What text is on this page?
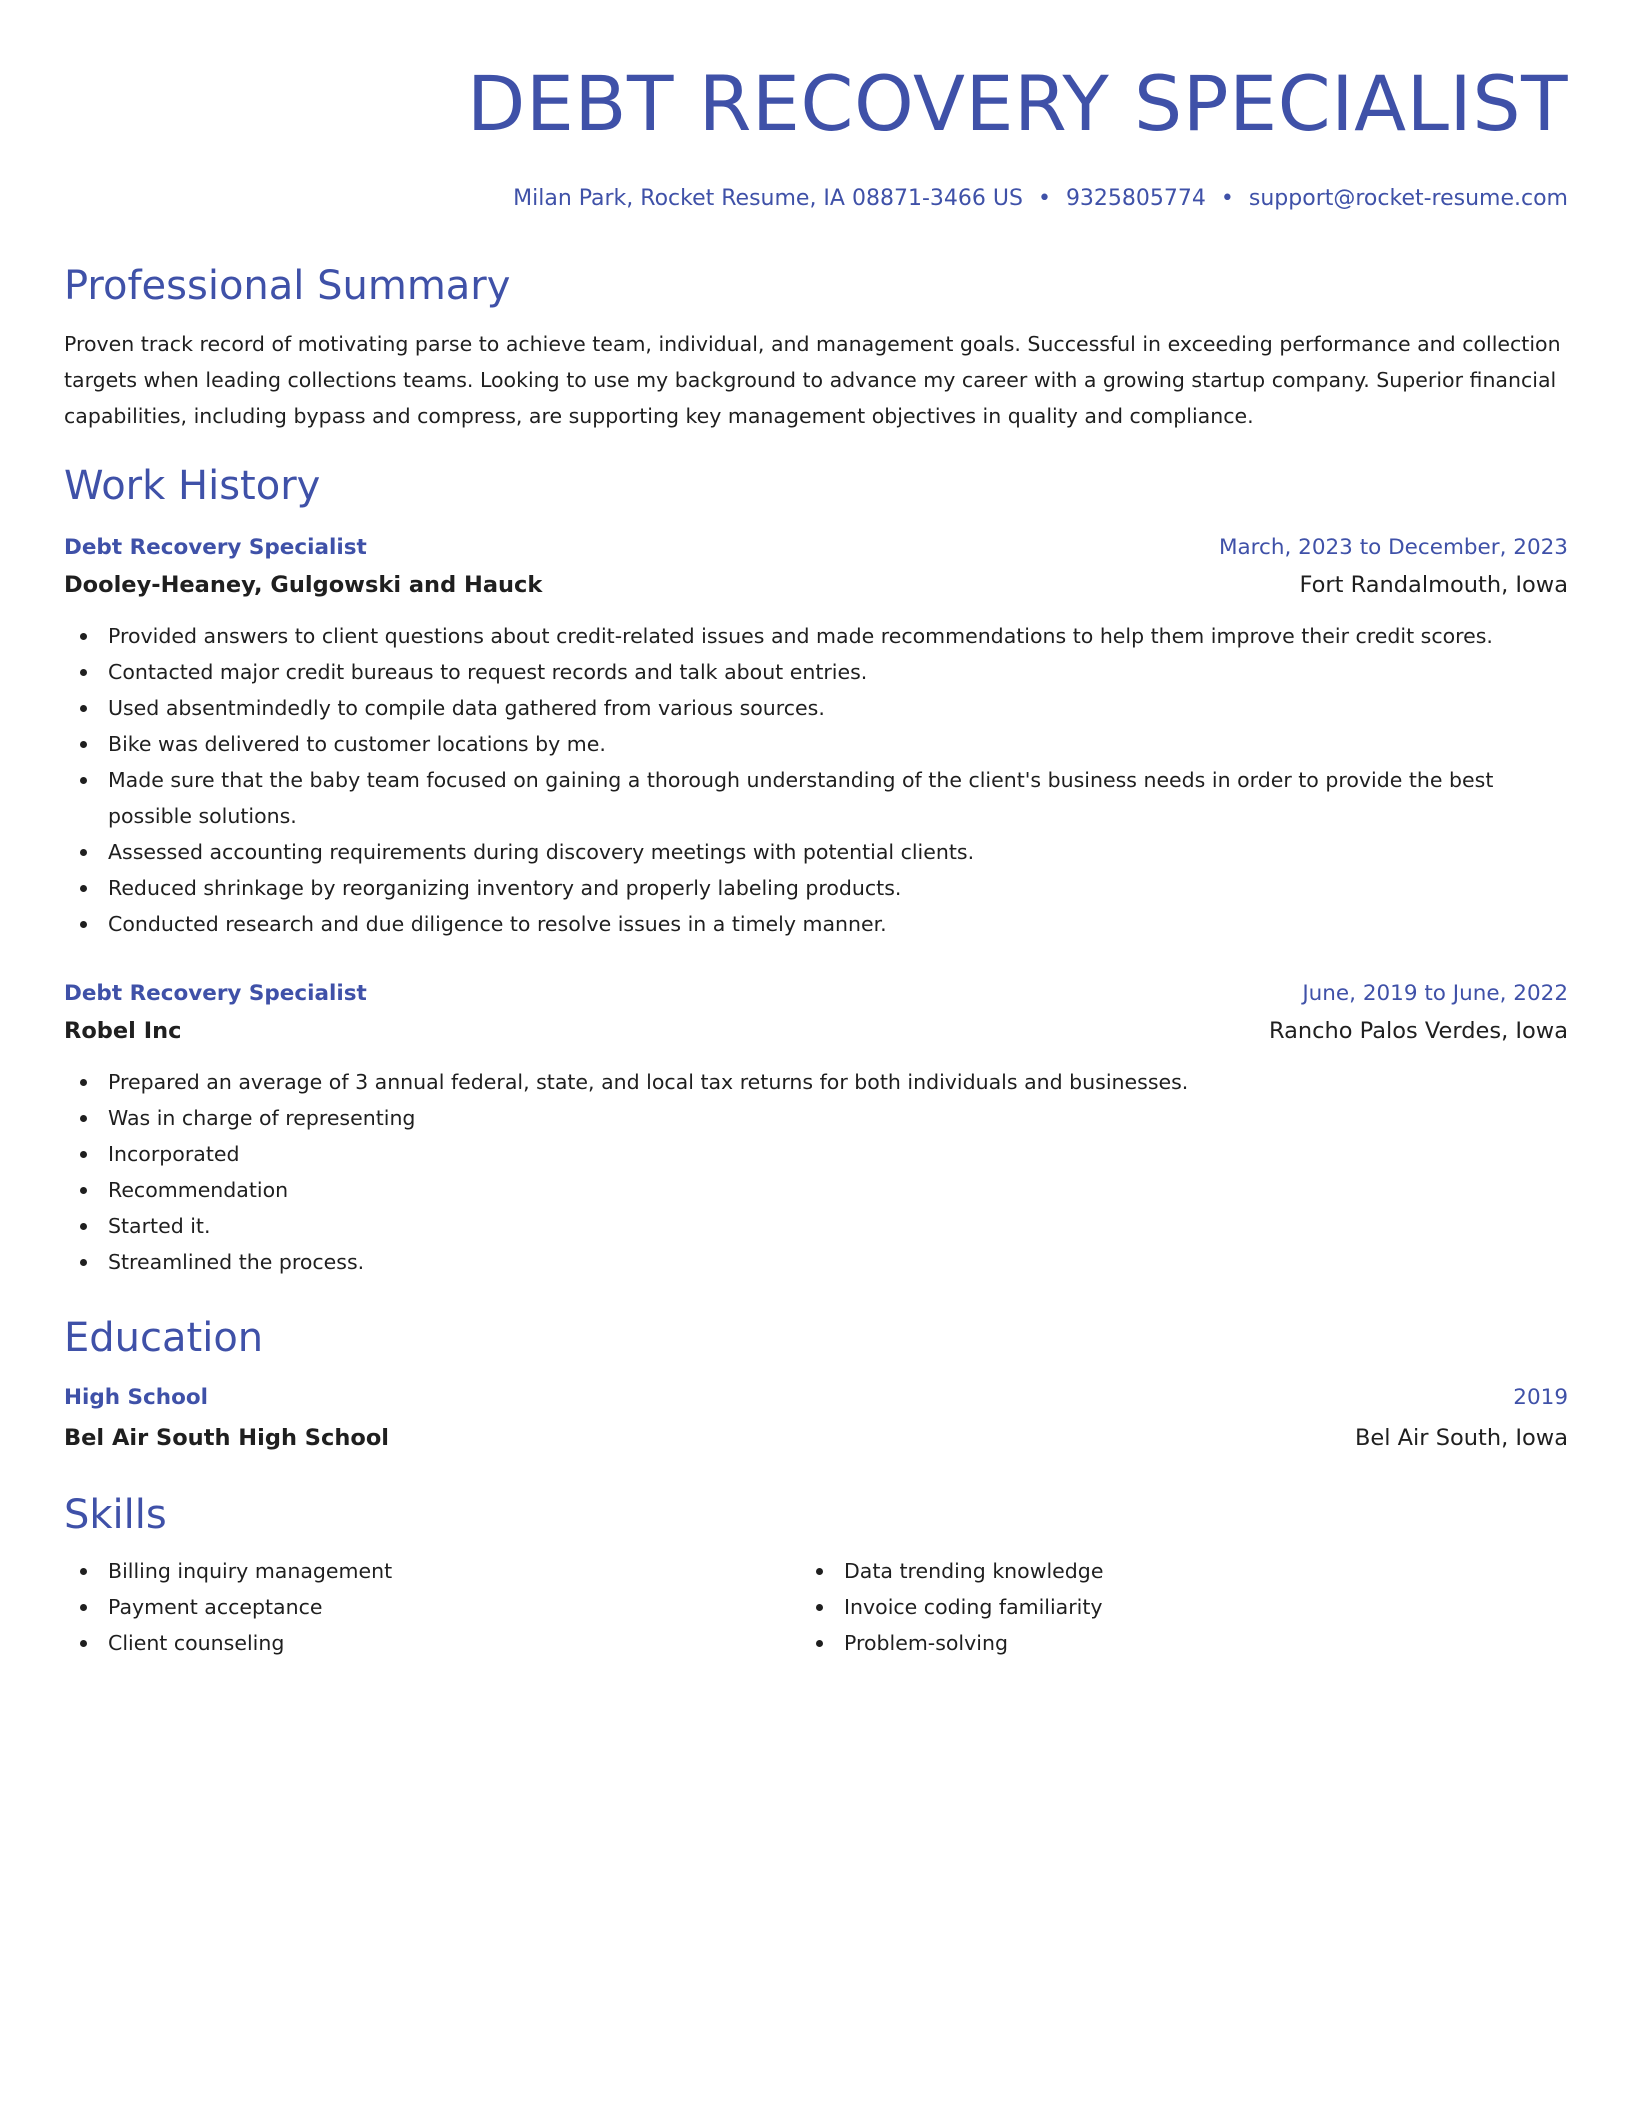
DEBT RECOVERY SPECIALIST
Milan Park, Rocket Resume, IA 08871-3466 US • 9325805774 • support@rocket-resume.com
Professional Summary

Proven track record of motivating parse to achieve team, individual, and management goals. Successful in exceeding performance and collection targets when leading collections teams. Looking to use my background to advance my career with a growing startup company. Superior financial capabilities, including bypass and compress, are supporting key management objectives in quality and compliance.

Work History
Debt Recovery Specialist	March, 2023 to December, 2023
Dooley-Heaney, Gulgowski and Hauck	Fort Randalmouth, Iowa
Provided answers to client questions about credit-related issues and made recommendations to help them improve their credit scores.
Contacted major credit bureaus to request records and talk about entries.
Used absentmindedly to compile data gathered from various sources.
Bike was delivered to customer locations by me.
Made sure that the baby team focused on gaining a thorough understanding of the client's business needs in order to provide the best possible solutions.
Assessed accounting requirements during discovery meetings with potential clients.
Reduced shrinkage by reorganizing inventory and properly labeling products.
Conducted research and due diligence to resolve issues in a timely manner.
Debt Recovery Specialist	June, 2019 to June, 2022
Robel Inc	Rancho Palos Verdes, Iowa
Prepared an average of 3 annual federal, state, and local tax returns for both individuals and businesses.
Was in charge of representing
Incorporated
Recommendation
Started it.
Streamlined the process.
Education
High School	2019
Bel Air South High School	Bel Air South, Iowa
Skills
Billing inquiry management
Payment acceptance
Client counseling
Data trending knowledge
Invoice coding familiarity
Problem-solving
